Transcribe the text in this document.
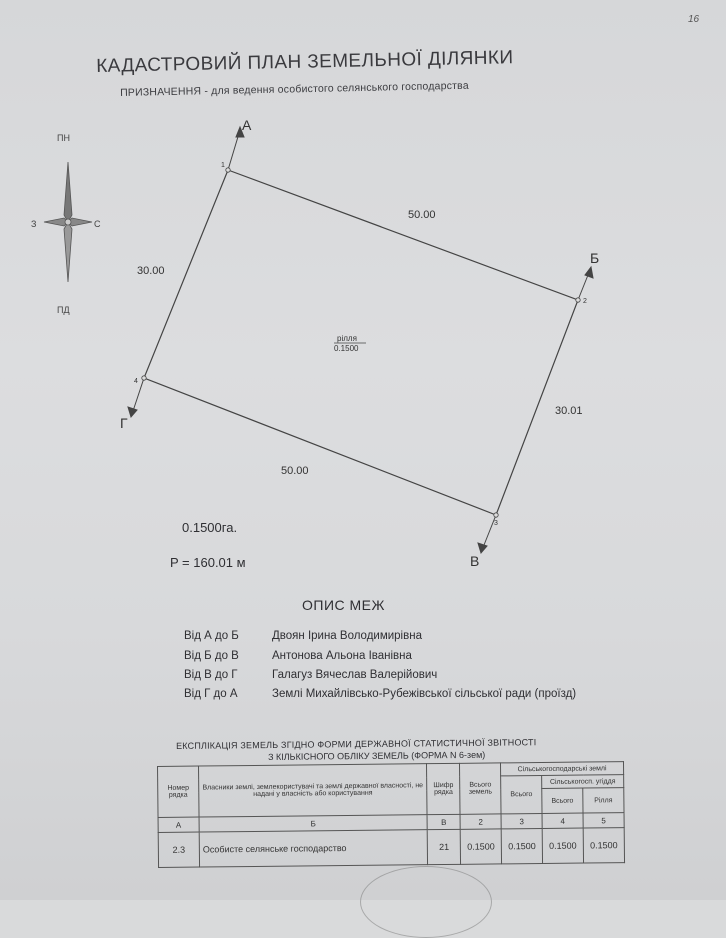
16
КАДАСТРОВИЙ ПЛАН ЗЕМЕЛЬНОЇ ДІЛЯНКИ
ПРИЗНАЧЕННЯ - для ведення особистого селянського господарства
ПН
ПД
З	С
А
Б
В
Г
1
2
3
4
50.00
30.01
50.00
30.00
рілля
0.1500
0.1500га.
P = 160.01 м
ОПИС МЕЖ
Від А до Б	Двоян Ірина Володимирівна
Від Б до В	Антонова Альона Іванівна
Від В до Г	Галагуз Вячеслав Валерійович
Від Г до А	Землі Михайлівсько-Рубежівської сільської ради (проїзд)
ЕКСПЛІКАЦІЯ ЗЕМЕЛЬ ЗГІДНО ФОРМИ ДЕРЖАВНОЇ СТАТИСТИЧНОЇ ЗВІТНОСТІ
З КІЛЬКІСНОГО ОБЛІКУ ЗЕМЕЛЬ (ФОРМА N 6-зем)
Номер рядка	Власники землі, землекористувачі та землі державної власності, не надані у власність або користування	Шифр рядка	Всього земель	Сільськогосподарські землі		
				Всього	Сільськогосп. угіддя	
					Всього	Рілля
А	Б	В	2	3	4	5
2.3	Особисте селянське господарство	21	0.1500	0.1500	0.1500	0.1500
